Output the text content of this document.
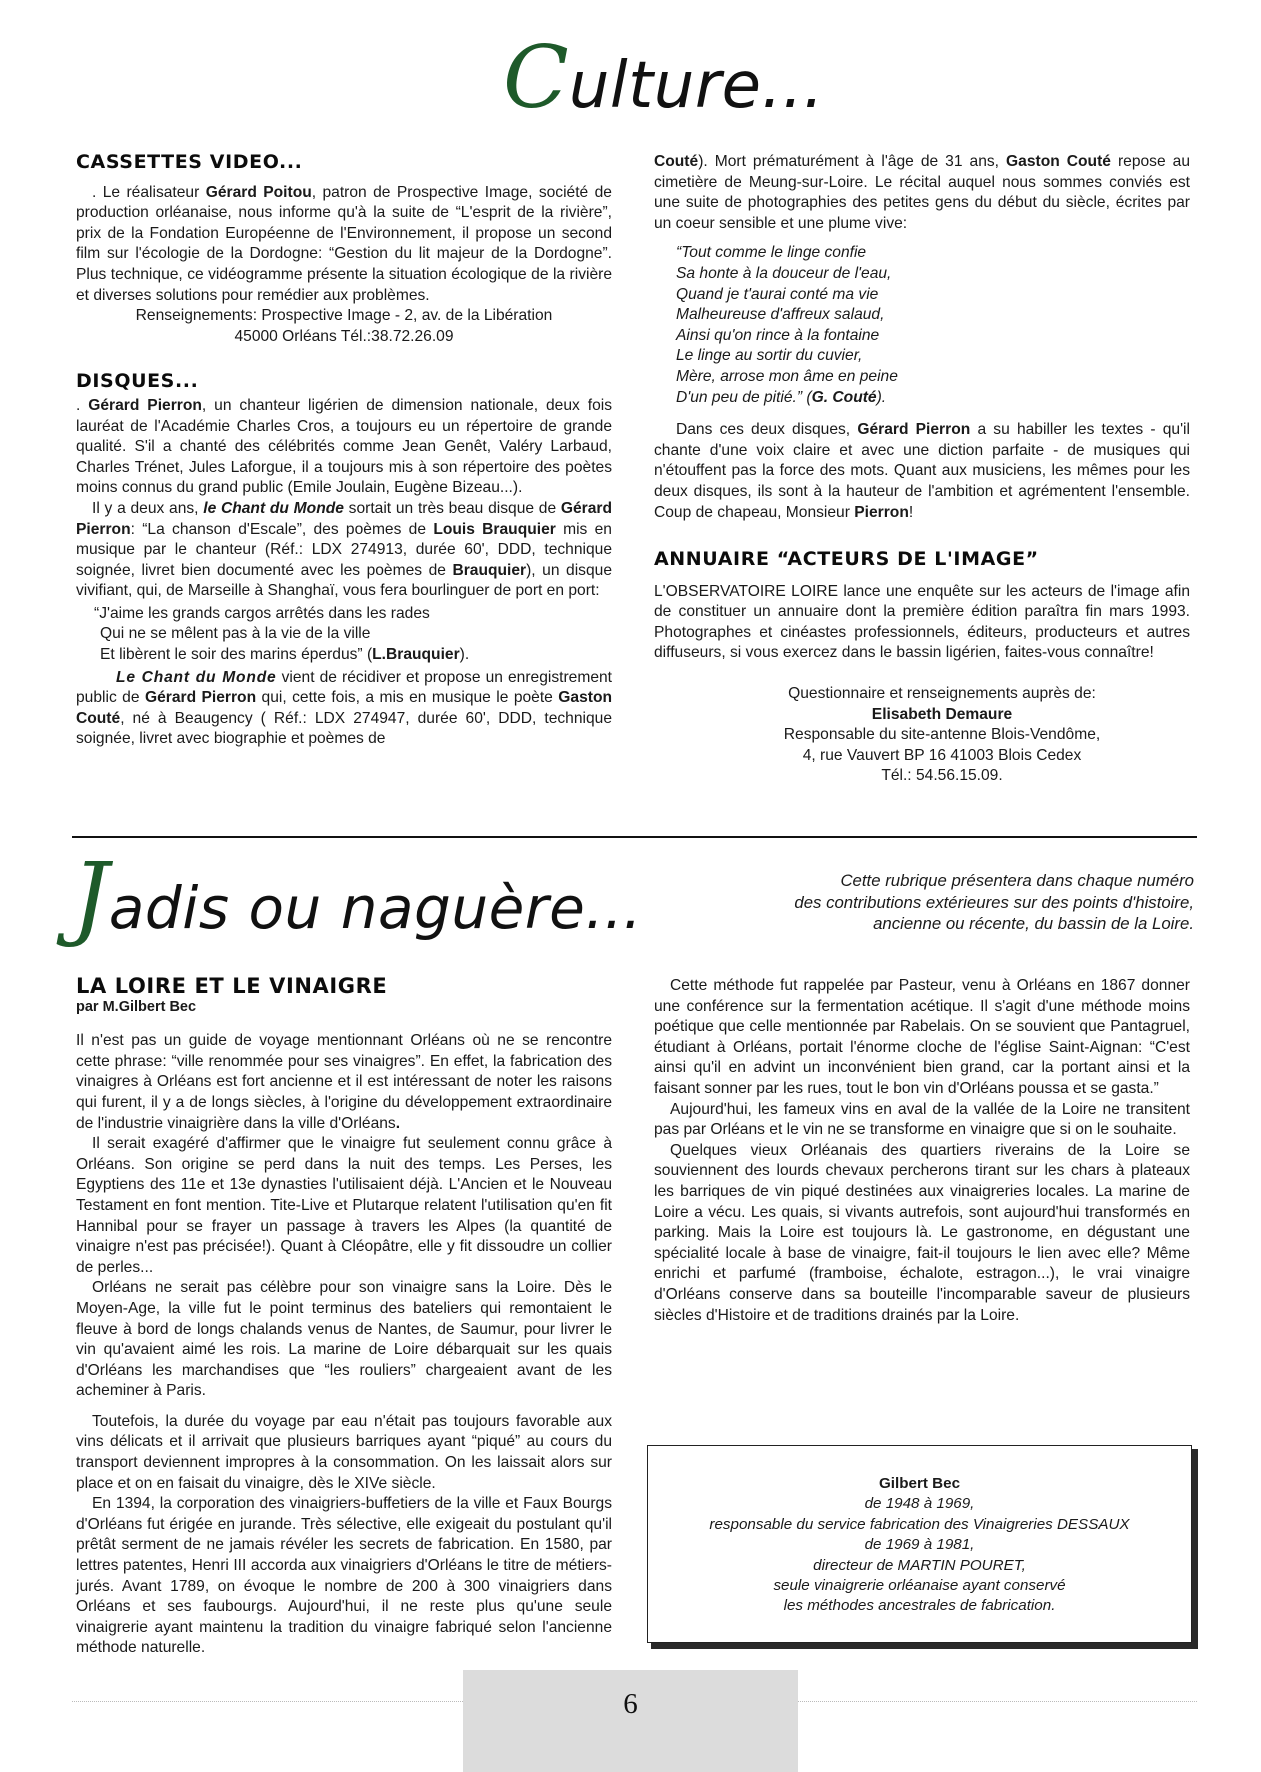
Culture...
CASSETTES VIDEO...

. Le réalisateur Gérard Poitou, patron de Prospective Image, société de production orléanaise, nous informe qu'à la suite de “L'esprit de la rivière”, prix de la Fondation Européenne de l'Environnement, il propose un second film sur l'écologie de la Dordogne: “Gestion du lit majeur de la Dordogne”. Plus technique, ce vidéogramme présente la situation écologique de la rivière et diverses solutions pour remédier aux problèmes.

Renseignements: Prospective Image - 2, av. de la Libération

45000 Orléans Tél.:38.72.26.09

DISQUES...

. Gérard Pierron, un chanteur ligérien de dimension nationale, deux fois lauréat de l'Académie Charles Cros, a toujours eu un répertoire de grande qualité. S'il a chanté des célébrités comme Jean Genêt, Valéry Larbaud, Charles Trénet, Jules Laforgue, il a toujours mis à son répertoire des poètes moins connus du grand public (Emile Joulain, Eugène Bizeau...).

Il y a deux ans, le Chant du Monde sortait un très beau disque de Gérard Pierron: “La chanson d'Escale”, des poèmes de Louis Brauquier mis en musique par le chanteur (Réf.: LDX 274913, durée 60', DDD, technique soignée, livret bien documenté avec les poèmes de Brauquier), un disque vivifiant, qui, de Marseille à Shanghaï, vous fera bourlinguer de port en port:

“J'aime les grands cargos arrêtés dans les rades
Qui ne se mêlent pas à la vie de la ville
Et libèrent le soir des marins éperdus” (L.Brauquier).

Le Chant du Monde vient de récidiver et propose un enregistrement public de Gérard Pierron qui, cette fois, a mis en musique le poète Gaston Couté, né à Beaugency ( Réf.: LDX 274947, durée 60', DDD, technique soignée, livret avec biographie et poèmes de

Couté). Mort prématurément à l'âge de 31 ans, Gaston Couté repose au cimetière de Meung-sur-Loire. Le récital auquel nous sommes conviés est une suite de photographies des petites gens du début du siècle, écrites par un coeur sensible et une plume vive:

“Tout comme le linge confie
Sa honte à la douceur de l'eau,
Quand je t'aurai conté ma vie
Malheureuse d'affreux salaud,
Ainsi qu'on rince à la fontaine
Le linge au sortir du cuvier,
Mère, arrose mon âme en peine
D'un peu de pitié.” (G. Couté).

Dans ces deux disques, Gérard Pierron a su habiller les textes - qu'il chante d'une voix claire et avec une diction parfaite - de musiques qui n'étouffent pas la force des mots. Quant aux musiciens, les mêmes pour les deux disques, ils sont à la hauteur de l'ambition et agrémentent l'ensemble. Coup de chapeau, Monsieur Pierron!

ANNUAIRE “ACTEURS DE L'IMAGE”

L'OBSERVATOIRE LOIRE lance une enquête sur les acteurs de l'image afin de constituer un annuaire dont la première édition paraîtra fin mars 1993. Photographes et cinéastes professionnels, éditeurs, producteurs et autres diffuseurs, si vous exercez dans le bassin ligérien, faites-vous connaître!

Questionnaire et renseignements auprès de:
Elisabeth Demaure
Responsable du site-antenne Blois-Vendôme,
4, rue Vauvert BP 16 41003 Blois Cedex
Tél.: 54.56.15.09.
Jadis ou naguère...	Cette rubrique présentera dans chaque numéro
des contributions extérieures sur des points d'histoire,
ancienne ou récente, du bassin de la Loire.
LA LOIRE ET LE VINAIGRE
par M.Gilbert Bec

Il n'est pas un guide de voyage mentionnant Orléans où ne se rencontre cette phrase: “ville renommée pour ses vinaigres”. En effet, la fabrication des vinaigres à Orléans est fort ancienne et il est intéressant de noter les raisons qui furent, il y a de longs siècles, à l'origine du développement extraordinaire de l'industrie vinaigrière dans la ville d'Orléans.

Il serait exagéré d'affirmer que le vinaigre fut seulement connu grâce à Orléans. Son origine se perd dans la nuit des temps. Les Perses, les Egyptiens des 11e et 13e dynasties l'utilisaient déjà. L'Ancien et le Nouveau Testament en font mention. Tite-Live et Plutarque relatent l'utilisation qu'en fit Hannibal pour se frayer un passage à travers les Alpes (la quantité de vinaigre n'est pas précisée!). Quant à Cléopâtre, elle y fit dissoudre un collier de perles...

Orléans ne serait pas célèbre pour son vinaigre sans la Loire. Dès le Moyen-Age, la ville fut le point terminus des bateliers qui remontaient le fleuve à bord de longs chalands venus de Nantes, de Saumur, pour livrer le vin qu'avaient aimé les rois. La marine de Loire débarquait sur les quais d'Orléans les marchandises que “les rouliers” chargeaient avant de les acheminer à Paris.

Toutefois, la durée du voyage par eau n'était pas toujours favorable aux vins délicats et il arrivait que plusieurs barriques ayant “piqué” au cours du transport deviennent impropres à la consommation. On les laissait alors sur place et on en faisait du vinaigre, dès le XIVe siècle.

En 1394, la corporation des vinaigriers-buffetiers de la ville et Faux Bourgs d'Orléans fut érigée en jurande. Très sélective, elle exigeait du postulant qu'il prêtât serment de ne jamais révéler les secrets de fabrication. En 1580, par lettres patentes, Henri III accorda aux vinaigriers d'Orléans le titre de métiers-jurés. Avant 1789, on évoque le nombre de 200 à 300 vinaigriers dans Orléans et ses faubourgs. Aujourd'hui, il ne reste plus qu'une seule vinaigrerie ayant maintenu la tradition du vinaigre fabriqué selon l'ancienne méthode naturelle.

Cette méthode fut rappelée par Pasteur, venu à Orléans en 1867 donner une conférence sur la fermentation acétique. Il s'agit d'une méthode moins poétique que celle mentionnée par Rabelais. On se souvient que Pantagruel, étudiant à Orléans, portait l'énorme cloche de l'église Saint-Aignan: “C'est ainsi qu'il en advint un inconvénient bien grand, car la portant ainsi et la faisant sonner par les rues, tout le bon vin d'Orléans poussa et se gasta.”

Aujourd'hui, les fameux vins en aval de la vallée de la Loire ne transitent pas par Orléans et le vin ne se transforme en vinaigre que si on le souhaite.

Quelques vieux Orléanais des quartiers riverains de la Loire se souviennent des lourds chevaux percherons tirant sur les chars à plateaux les barriques de vin piqué destinées aux vinaigreries locales. La marine de Loire a vécu. Les quais, si vivants autrefois, sont aujourd'hui transformés en parking. Mais la Loire est toujours là. Le gastronome, en dégustant une spécialité locale à base de vinaigre, fait-il toujours le lien avec elle? Même enrichi et parfumé (framboise, échalote, estragon...), le vrai vinaigre d'Orléans conserve dans sa bouteille l'incomparable saveur de plusieurs siècles d'Histoire et de traditions drainés par la Loire.

Gilbert Bec
de 1948 à 1969,
responsable du service fabrication des Vinaigreries DESSAUX
de 1969 à 1981,
directeur de MARTIN POURET,
seule vinaigrerie orléanaise ayant conservé
les méthodes ancestrales de fabrication.
6
